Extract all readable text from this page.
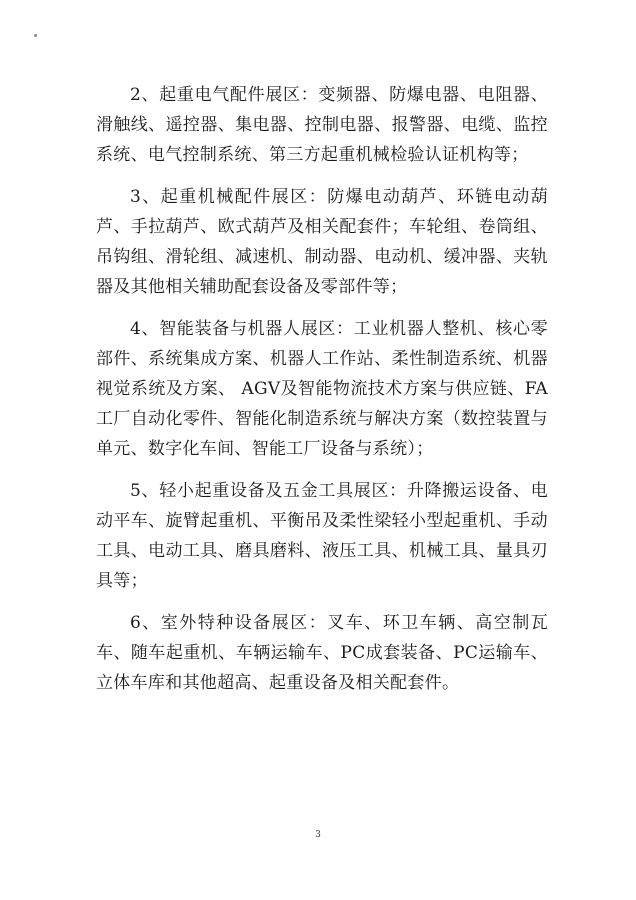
2、起重电气配件展区：变频器、防爆电器、电阻器、滑触线、遥控器、集电器、控制电器、报警器、电缆、监控系统、电气控制系统、第三方起重机械检验认证机构等；

3、起重机械配件展区：防爆电动葫芦、环链电动葫芦、手拉葫芦、欧式葫芦及相关配套件；车轮组、卷筒组、吊钩组、滑轮组、减速机、制动器、电动机、缓冲器、夹轨器及其他相关辅助配套设备及零部件等；

4、智能装备与机器人展区：工业机器人整机、核心零部件、系统集成方案、机器人工作站、柔性制造系统、机器视觉系统及方案、 AGV及智能物流技术方案与供应链、FA工厂自动化零件、智能化制造系统与解决方案（数控装置与单元、数字化车间、智能工厂设备与系统）；

5、轻小起重设备及五金工具展区：升降搬运设备、电动平车、旋臂起重机、平衡吊及柔性梁轻小型起重机、手动工具、电动工具、磨具磨料、液压工具、机械工具、量具刃具等；

6、室外特种设备展区：叉车、环卫车辆、高空制瓦车、随车起重机、车辆运输车、PC成套装备、PC运输车、立体车库和其他超高、起重设备及相关配套件。

3
